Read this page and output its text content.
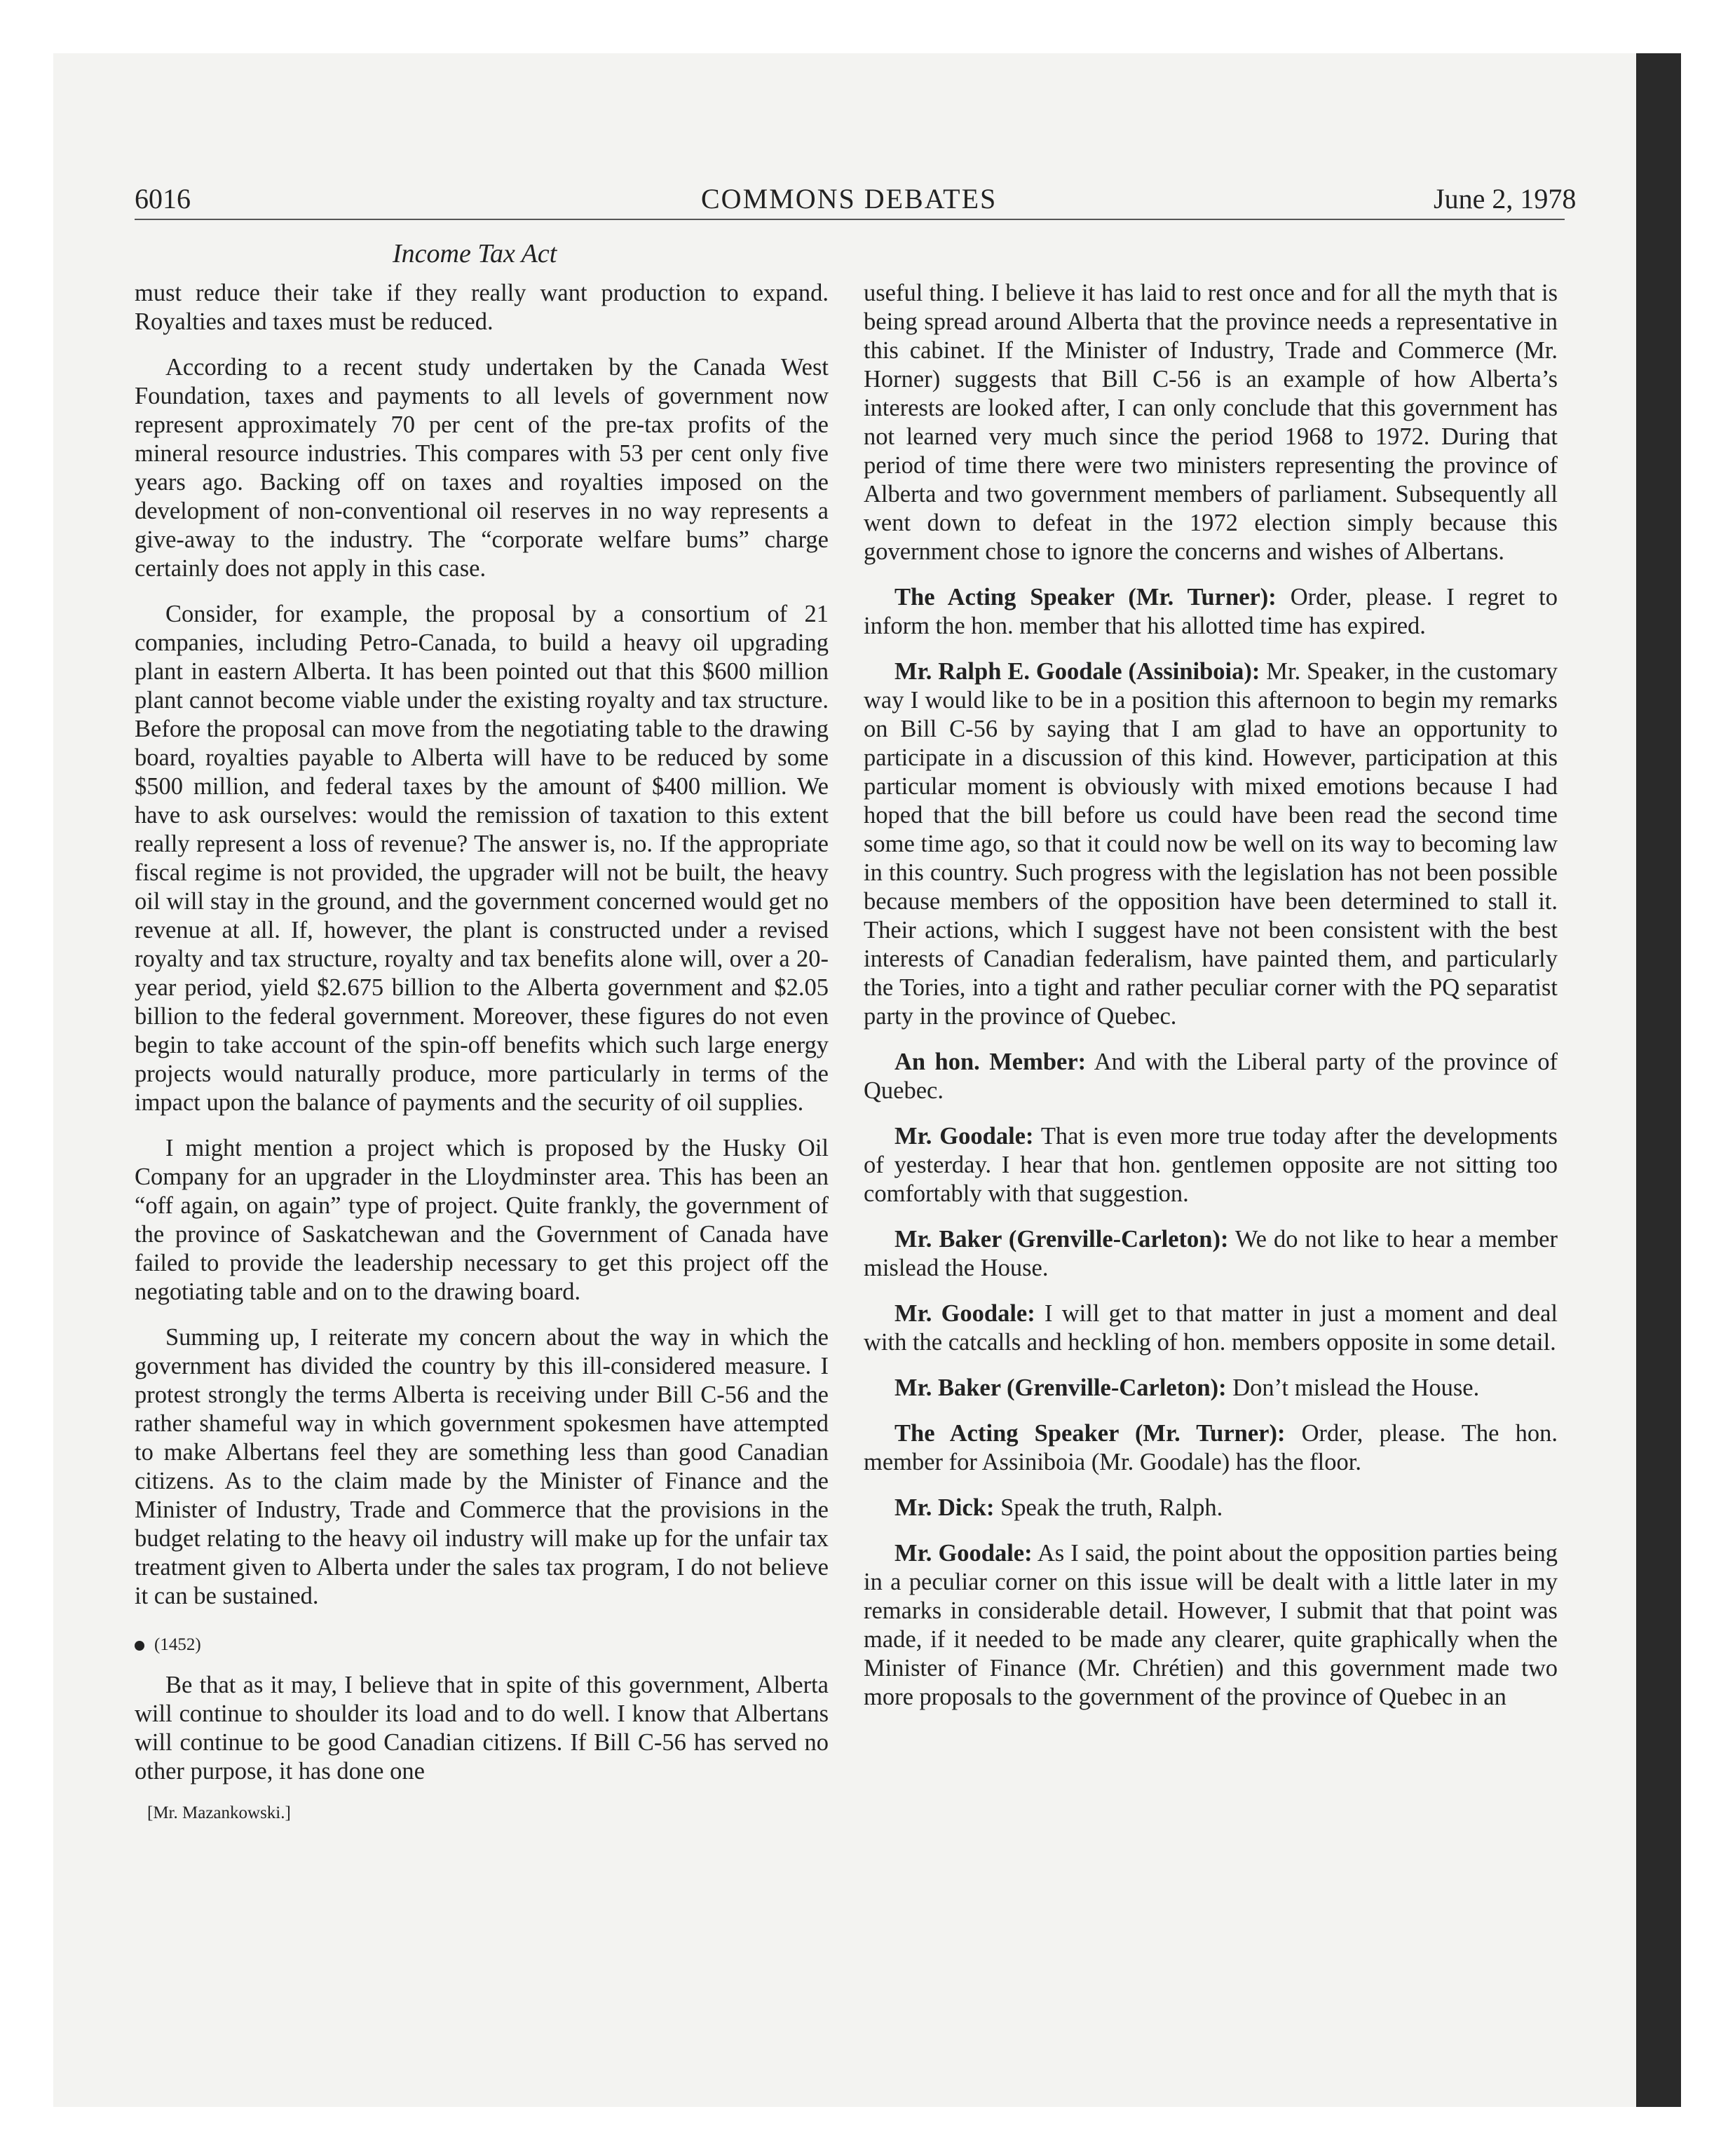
6016	COMMONS DEBATES	June 2, 1978
Income Tax Act

must reduce their take if they really want production to expand. Royalties and taxes must be reduced.

According to a recent study undertaken by the Canada West Foundation, taxes and payments to all levels of government now represent approximately 70 per cent of the pre-tax profits of the mineral resource industries. This compares with 53 per cent only five years ago. Backing off on taxes and royalties imposed on the development of non-conventional oil reserves in no way represents a give-away to the industry. The “corporate welfare bums” charge certainly does not apply in this case.

Consider, for example, the proposal by a consortium of 21 companies, including Petro-Canada, to build a heavy oil upgrading plant in eastern Alberta. It has been pointed out that this $600 million plant cannot become viable under the existing royalty and tax structure. Before the proposal can move from the negotiating table to the drawing board, royalties payable to Alberta will have to be reduced by some $500 million, and federal taxes by the amount of $400 million. We have to ask ourselves: would the remission of taxation to this extent really represent a loss of revenue? The answer is, no. If the appropriate fiscal regime is not provided, the upgrader will not be built, the heavy oil will stay in the ground, and the government concerned would get no revenue at all. If, however, the plant is constructed under a revised royalty and tax structure, royalty and tax benefits alone will, over a 20-year period, yield $2.675 billion to the Alberta government and $2.05 billion to the federal government. Moreover, these figures do not even begin to take account of the spin-off benefits which such large energy projects would naturally produce, more particularly in terms of the impact upon the balance of payments and the security of oil supplies.

I might mention a project which is proposed by the Husky Oil Company for an upgrader in the Lloydminster area. This has been an “off again, on again” type of project. Quite frankly, the government of the province of Saskatchewan and the Government of Canada have failed to provide the leadership necessary to get this project off the negotiating table and on to the drawing board.

Summing up, I reiterate my concern about the way in which the government has divided the country by this ill-considered measure. I protest strongly the terms Alberta is receiving under Bill C-56 and the rather shameful way in which government spokesmen have attempted to make Albertans feel they are something less than good Canadian citizens. As to the claim made by the Minister of Finance and the Minister of Industry, Trade and Commerce that the provisions in the budget relating to the heavy oil industry will make up for the unfair tax treatment given to Alberta under the sales tax program, I do not believe it can be sustained.

(1452)

Be that as it may, I believe that in spite of this government, Alberta will continue to shoulder its load and to do well. I know that Albertans will continue to be good Canadian citizens. If Bill C-56 has served no other purpose, it has done one

[Mr. Mazankowski.]

useful thing. I believe it has laid to rest once and for all the myth that is being spread around Alberta that the province needs a representative in this cabinet. If the Minister of Industry, Trade and Commerce (Mr. Horner) suggests that Bill C-56 is an example of how Alberta’s interests are looked after, I can only conclude that this government has not learned very much since the period 1968 to 1972. During that period of time there were two ministers representing the province of Alberta and two government members of parliament. Subsequently all went down to defeat in the 1972 election simply because this government chose to ignore the concerns and wishes of Albertans.

The Acting Speaker (Mr. Turner): Order, please. I regret to inform the hon. member that his allotted time has expired.

Mr. Ralph E. Goodale (Assiniboia): Mr. Speaker, in the customary way I would like to be in a position this afternoon to begin my remarks on Bill C-56 by saying that I am glad to have an opportunity to participate in a discussion of this kind. However, participation at this particular moment is obviously with mixed emotions because I had hoped that the bill before us could have been read the second time some time ago, so that it could now be well on its way to becoming law in this country. Such progress with the legislation has not been possible because members of the opposition have been determined to stall it. Their actions, which I suggest have not been consistent with the best interests of Canadian federalism, have painted them, and particularly the Tories, into a tight and rather peculiar corner with the PQ separatist party in the province of Quebec.

An hon. Member: And with the Liberal party of the province of Quebec.

Mr. Goodale: That is even more true today after the developments of yesterday. I hear that hon. gentlemen opposite are not sitting too comfortably with that suggestion.

Mr. Baker (Grenville-Carleton): We do not like to hear a member mislead the House.

Mr. Goodale: I will get to that matter in just a moment and deal with the catcalls and heckling of hon. members opposite in some detail.

Mr. Baker (Grenville-Carleton): Don’t mislead the House.

The Acting Speaker (Mr. Turner): Order, please. The hon. member for Assiniboia (Mr. Goodale) has the floor.

Mr. Dick: Speak the truth, Ralph.

Mr. Goodale: As I said, the point about the opposition parties being in a peculiar corner on this issue will be dealt with a little later in my remarks in considerable detail. However, I submit that that point was made, if it needed to be made any clearer, quite graphically when the Minister of Finance (Mr. Chrétien) and this government made two more proposals to the government of the province of Quebec in an
